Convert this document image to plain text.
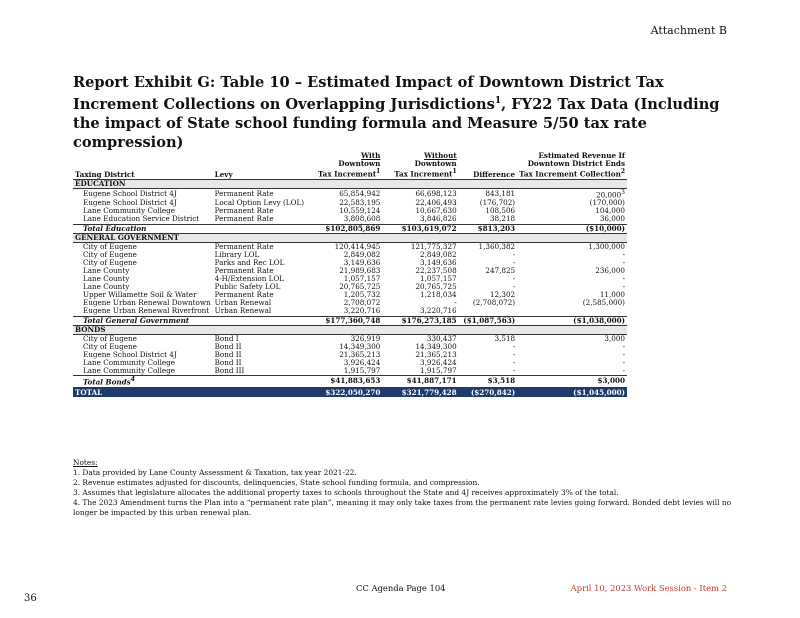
Attachment B
Report Exhibit G: Table 10 – Estimated Impact of Downtown District Tax Increment Collections on Overlapping Jurisdictions$^1$, FY22 Tax Data (Including the impact of State school funding formula and Measure 5/50 tax rate compression)
Taxing District	Levy	With
Downtown
Tax Increment$^1$	Without
Downtown
Tax Increment$^1$	Difference	Estimated Revenue If
Downtown District Ends
Tax Increment Collection$^2$
EDUCATION					
Eugene School District 4J	Permanent Rate	65,854,942	66,698,123	843,181	20,000$^3$
Eugene School District 4J	Local Option Levy (LOL)	22,583,195	22,406,493	(176,702)	(170,000)
Lane Community College	Permanent Rate	10,559,124	10,667,630	108,506	104,000
Lane Education Service District	Permanent Rate	3,808,608	3,846,826	38,218	36,000
Total Education		$102,805,869	$103,619,072	$813,203	($10,000)
GENERAL GOVERNMENT					
City of Eugene	Permanent Rate	120,414,945	121,775,327	1,360,382	1,300,000
City of Eugene	Library LOL	2,849,082	2,849,082	-	-
City of Eugene	Parks and Rec LOL	3,149,636	3,149,636	-	-
Lane County	Permanent Rate	21,989,683	22,237,508	247,825	236,000
Lane County	4-H/Extension LOL	1,057,157	1,057,157	-	-
Lane County	Public Safety LOL	20,765,725	20,765,725	-	-
Upper Willamette Soil & Water	Permanent Rate	1,205,732	1,218,034	12,302	11,000
Eugene Urban Renewal Downtown	Urban Renewal	2,708,072	-	(2,708,072)	(2,585,000)
Eugene Urban Renewal Riverfront	Urban Renewal	3,220,716	3,220,716		
Total General Government		$177,360,748	$176,273,185	($1,087,563)	($1,038,000)
BONDS					
City of Eugene	Bond I	326,919	330,437	3,518	3,000
City of Eugene	Bond II	14,349,300	14,349,300	-	-
Eugene School District 4J	Bond II	21,365,213	21,365,213	-	-
Lane Community College	Bond II	3,926,424	3,926,424	-	-
Lane Community College	Bond III	1,915,797	1,915,797	-	-
Total Bonds$^4$		$41,883,653	$41,887,171	$3,518	$3,000
TOTAL		$322,050,270	$321,779,428	($270,842)	($1,045,000)

Notes:

1. Data provided by Lane County Assessment & Taxation, tax year 2021-22.

2. Revenue estimates adjusted for discounts, delinquencies, State school funding formula, and compression.

3. Assumes that legislature allocates the additional property taxes to schools throughout the State and 4J receives approximately 3% of the total.

4. The 2023 Amendment turns the Plan into a “permanent rate plan”, meaning it may only take taxes from the permanent rate levies going forward. Bonded debt levies will no longer be impacted by this urban renewal plan.

CC Agenda Page 104	April 10, 2023 Work Session - Item 2
36
